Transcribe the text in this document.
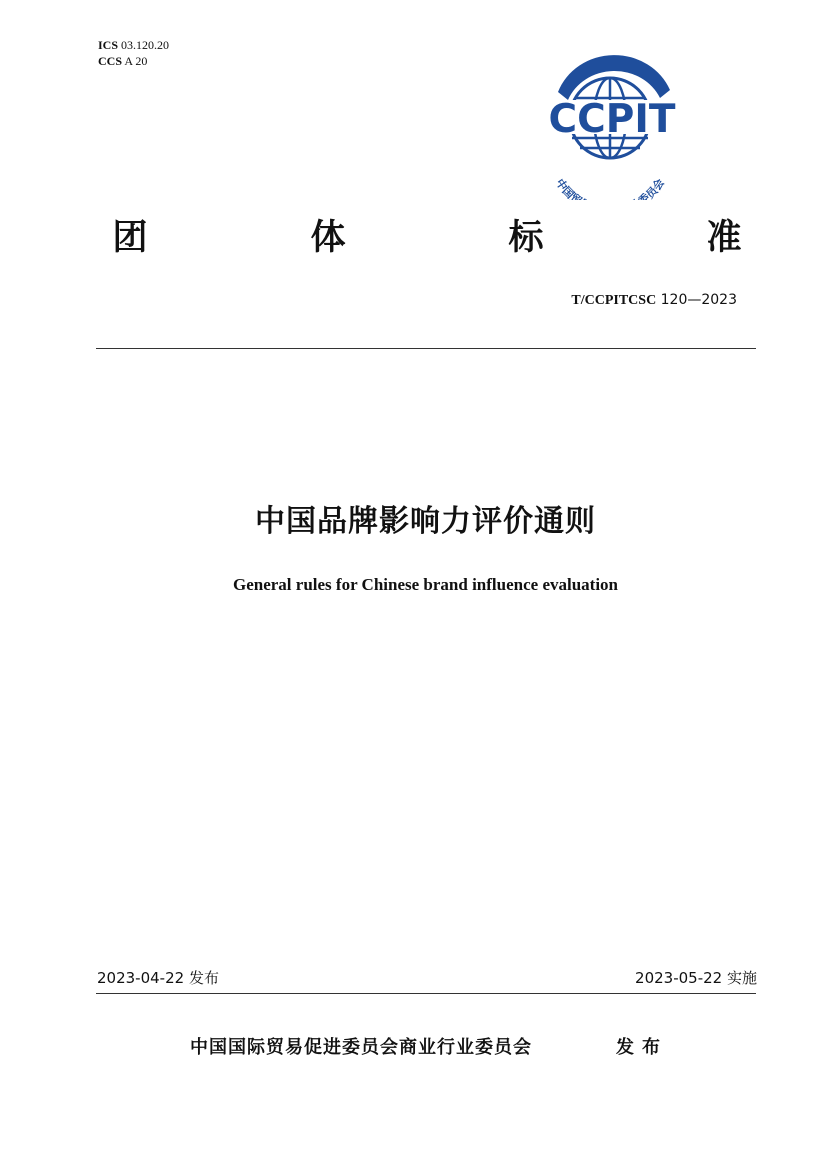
ICS 03.120.20
CCS A 20
CCPIT
中国贸 委员会
团	体	标	准
T/CCPITCSC 120—2023
中国品牌影响力评价通则
General rules for Chinese brand influence evaluation
2023-04-22 发布	2023-05-22 实施
中国国际贸易促进委员会商业行业委员会	发布
